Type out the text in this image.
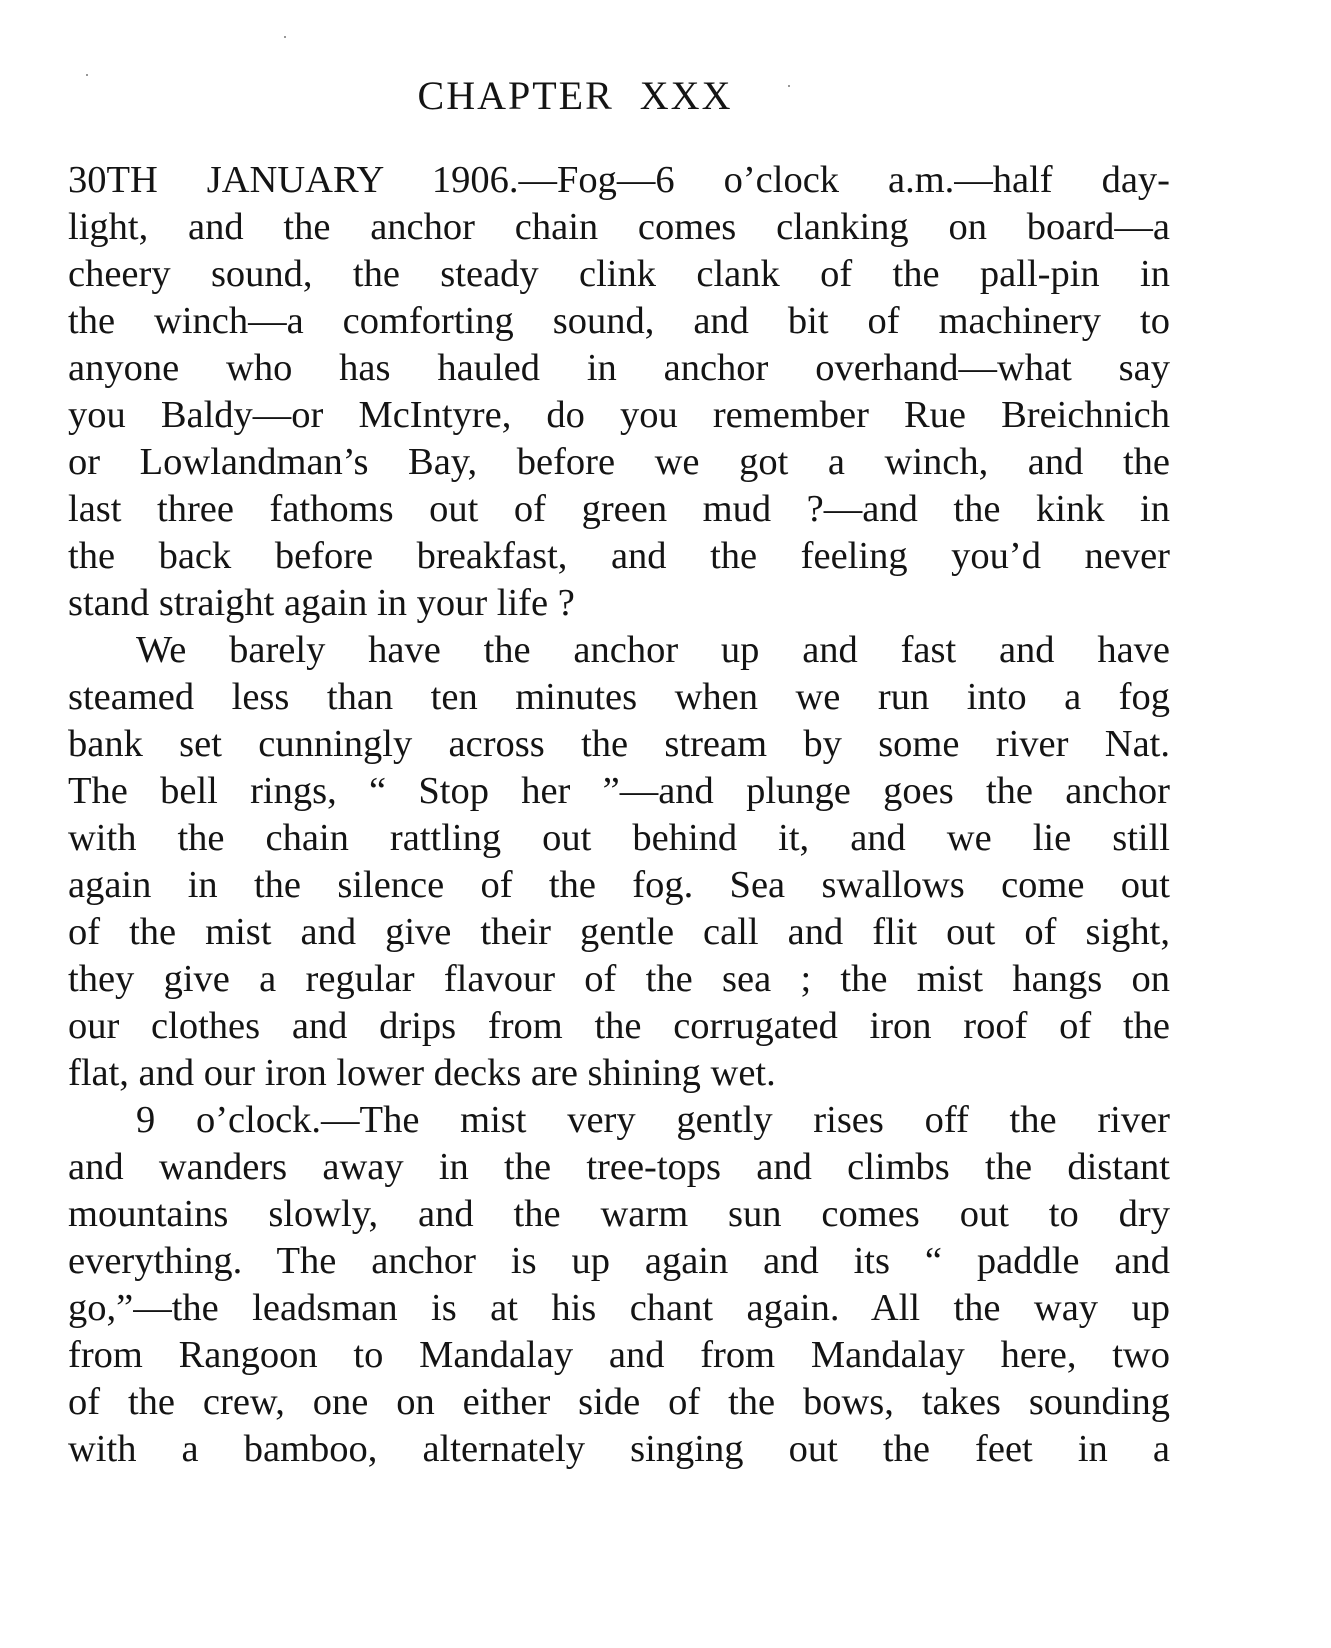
CHAPTER XXX
30TH JANUARY 1906.—Fog—6 o’clock a.m.—half day-
light, and the anchor chain comes clanking on board—a
cheery sound, the steady clink clank of the pall-pin in
the winch—a comforting sound, and bit of machinery to
anyone who has hauled in anchor overhand—what say
you Baldy—or McIntyre, do you remember Rue Breichnich
or Lowlandman’s Bay, before we got a winch, and the
last three fathoms out of green mud ?—and the kink in
the back before breakfast, and the feeling you’d never
stand straight again in your life ?
We barely have the anchor up and fast and have
steamed less than ten minutes when we run into a fog
bank set cunningly across the stream by some river Nat.
The bell rings, “ Stop her ”—and plunge goes the anchor
with the chain rattling out behind it, and we lie still
again in the silence of the fog. Sea swallows come out
of the mist and give their gentle call and flit out of sight,
they give a regular flavour of the sea ; the mist hangs on
our clothes and drips from the corrugated iron roof of the
flat, and our iron lower decks are shining wet.
9 o’clock.—The mist very gently rises off the river
and wanders away in the tree-tops and climbs the distant
mountains slowly, and the warm sun comes out to dry
everything. The anchor is up again and its “ paddle and
go,”—the leadsman is at his chant again. All the way up
from Rangoon to Mandalay and from Mandalay here, two
of the crew, one on either side of the bows, takes sounding
with a bamboo, alternately singing out the feet in a
